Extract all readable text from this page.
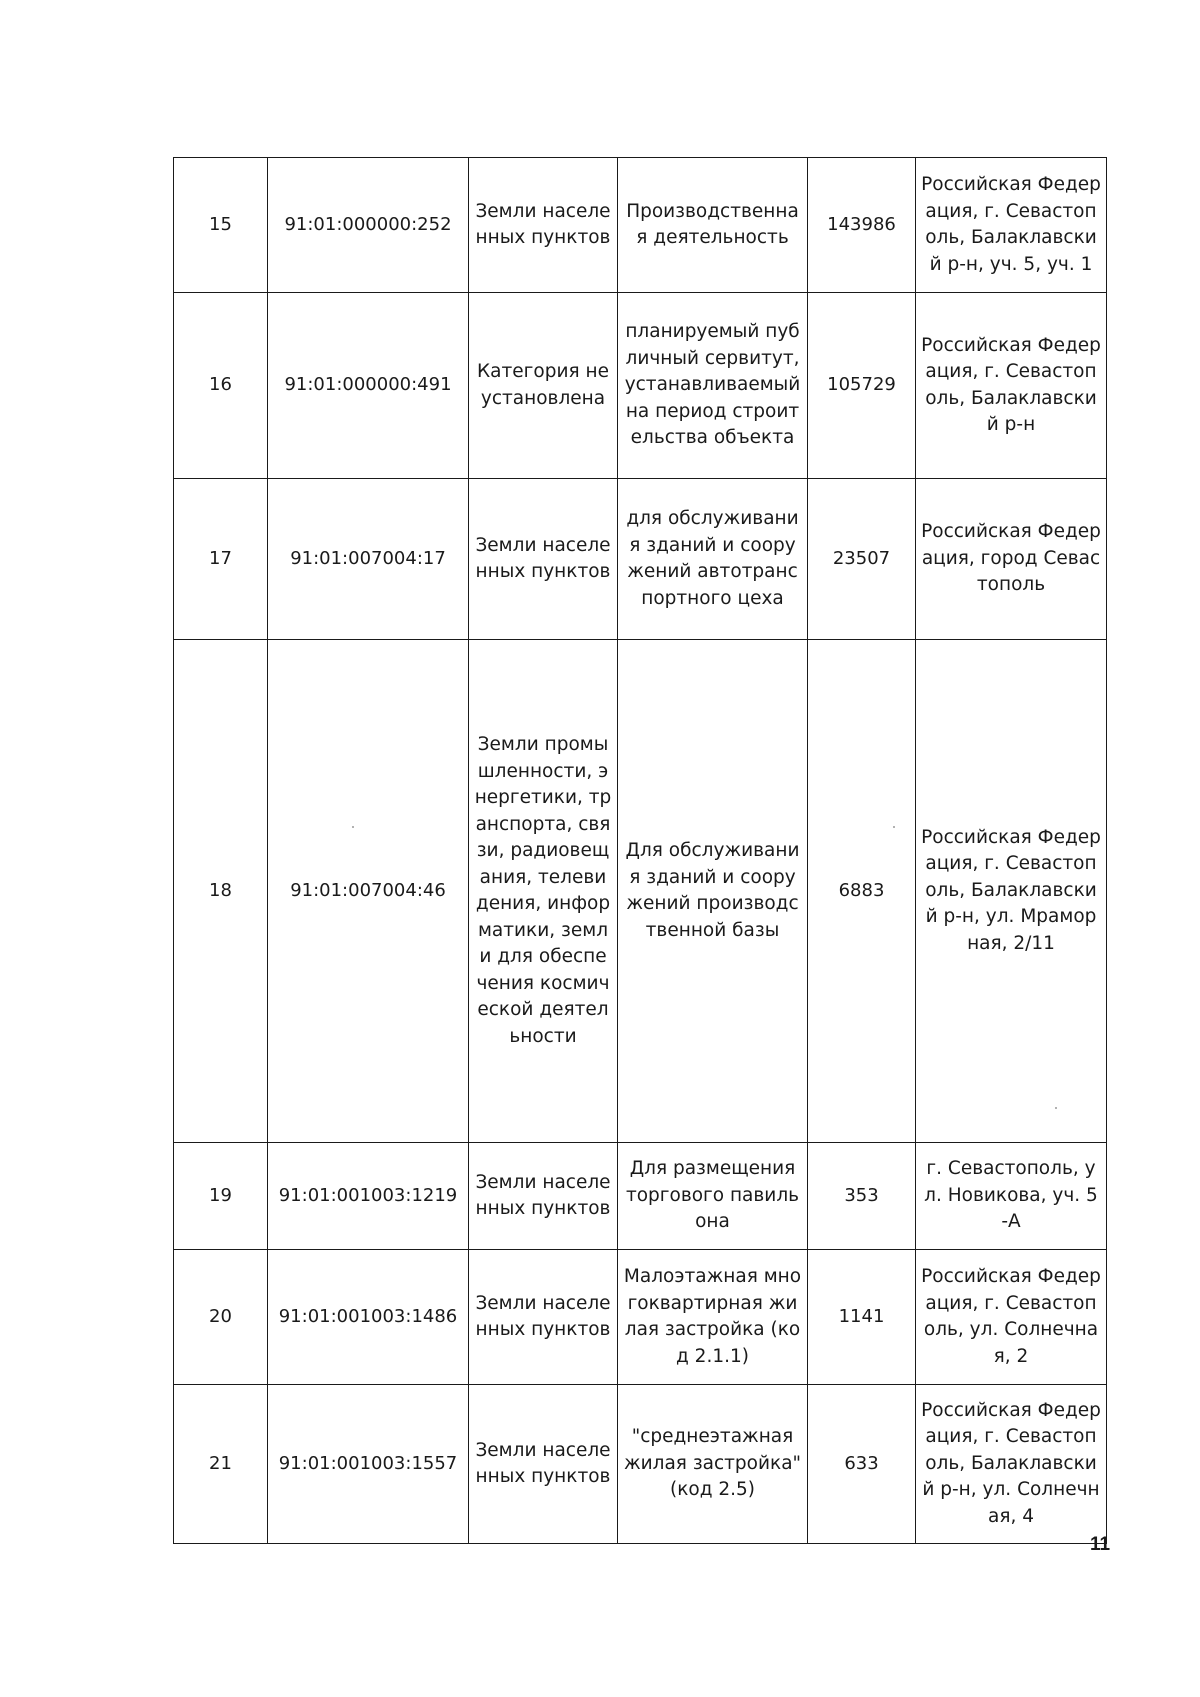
15	91:01:000000:252	Земли населенных пунктов	Производственная деятельность	143986	Российская Федерация, г. Севастополь, Балаклавский р-н, уч. 5, уч. 1
16	91:01:000000:491	Категория не установлена	планируемый публичный сервитут, устанавливаемый на период строительства объекта	105729	Российская Федерация, г. Севастополь, Балаклавский р-н
17	91:01:007004:17	Земли населенных пунктов	для обслуживания зданий и сооружений автотранспортного цеха	23507	Российская Федерация, город Севастополь
18	91:01:007004:46	Земли промышленности, энергетики, транспорта, связи, радиовещания, телевидения, информатики, земли для обеспечения космической деятельности	Для обслуживания зданий и сооружений производственной базы	6883	Российская Федерация, г. Севастополь, Балаклавский р-н, ул. Мраморная, 2/11
19	91:01:001003:1219	Земли населенных пунктов	Для размещения торгового павильона	353	г. Севастополь, ул. Новикова, уч. 5-А
20	91:01:001003:1486	Земли населенных пунктов	Малоэтажная многоквартирная жилая застройка (код 2.1.1)	1141	Российская Федерация, г. Севастополь, ул. Солнечная, 2
21	91:01:001003:1557	Земли населенных пунктов	"среднеэтажная жилая застройка" (код 2.5)	633	Российская Федерация, г. Севастополь, Балаклавский р-н, ул. Солнечная, 4
11
